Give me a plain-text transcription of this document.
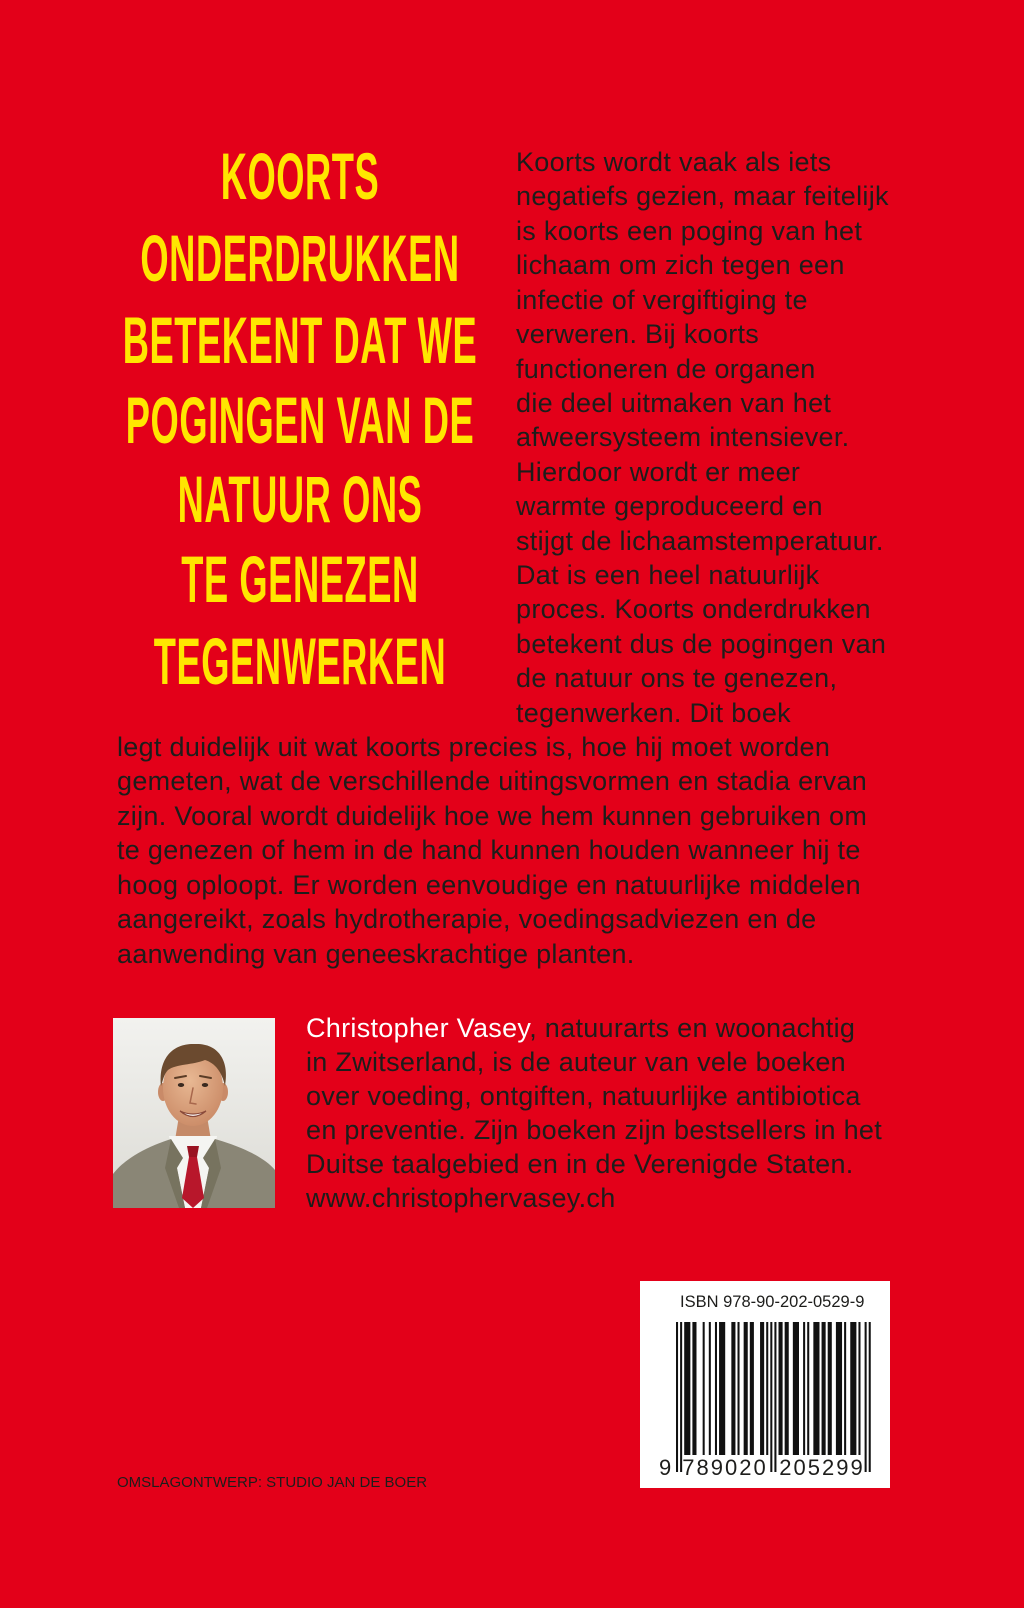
KOORTS
ONDERDRUKKEN
BETEKENT DAT WE
POGINGEN VAN DE
NATUUR ONS
TE GENEZEN
TEGENWERKEN
Koorts wordt vaak als iets
negatiefs gezien, maar feitelijk
is koorts een poging van het
lichaam om zich tegen een
infectie of vergiftiging te
verweren. Bij koorts
functioneren de organen
die deel uitmaken van het
afweersysteem intensiever.
Hierdoor wordt er meer
warmte geproduceerd en
stijgt de lichaamstemperatuur.
Dat is een heel natuurlijk
proces. Koorts onderdrukken
betekent dus de pogingen van
de natuur ons te genezen,
tegenwerken. Dit boek
legt duidelijk uit wat koorts precies is, hoe hij moet worden
gemeten, wat de verschillende uitingsvormen en stadia ervan
zijn. Vooral wordt duidelijk hoe we hem kunnen gebruiken om
te genezen of hem in de hand kunnen houden wanneer hij te
hoog oploopt. Er worden eenvoudige en natuurlijke middelen
aangereikt, zoals hydrotherapie, voedingsadviezen en de
aanwending van geneeskrachtige planten.
Christopher Vasey, natuurarts en woonachtig
in Zwitserland, is de auteur van vele boeken
over voeding, ontgiften, natuurlijke antibiotica
en preventie. Zijn boeken zijn bestsellers in het
Duitse taalgebied en in de Verenigde Staten.
www.christophervasey.ch
ISBN 978-90-202-0529-9
9 789020 205299
OMSLAGONTWERP: STUDIO JAN DE BOER
